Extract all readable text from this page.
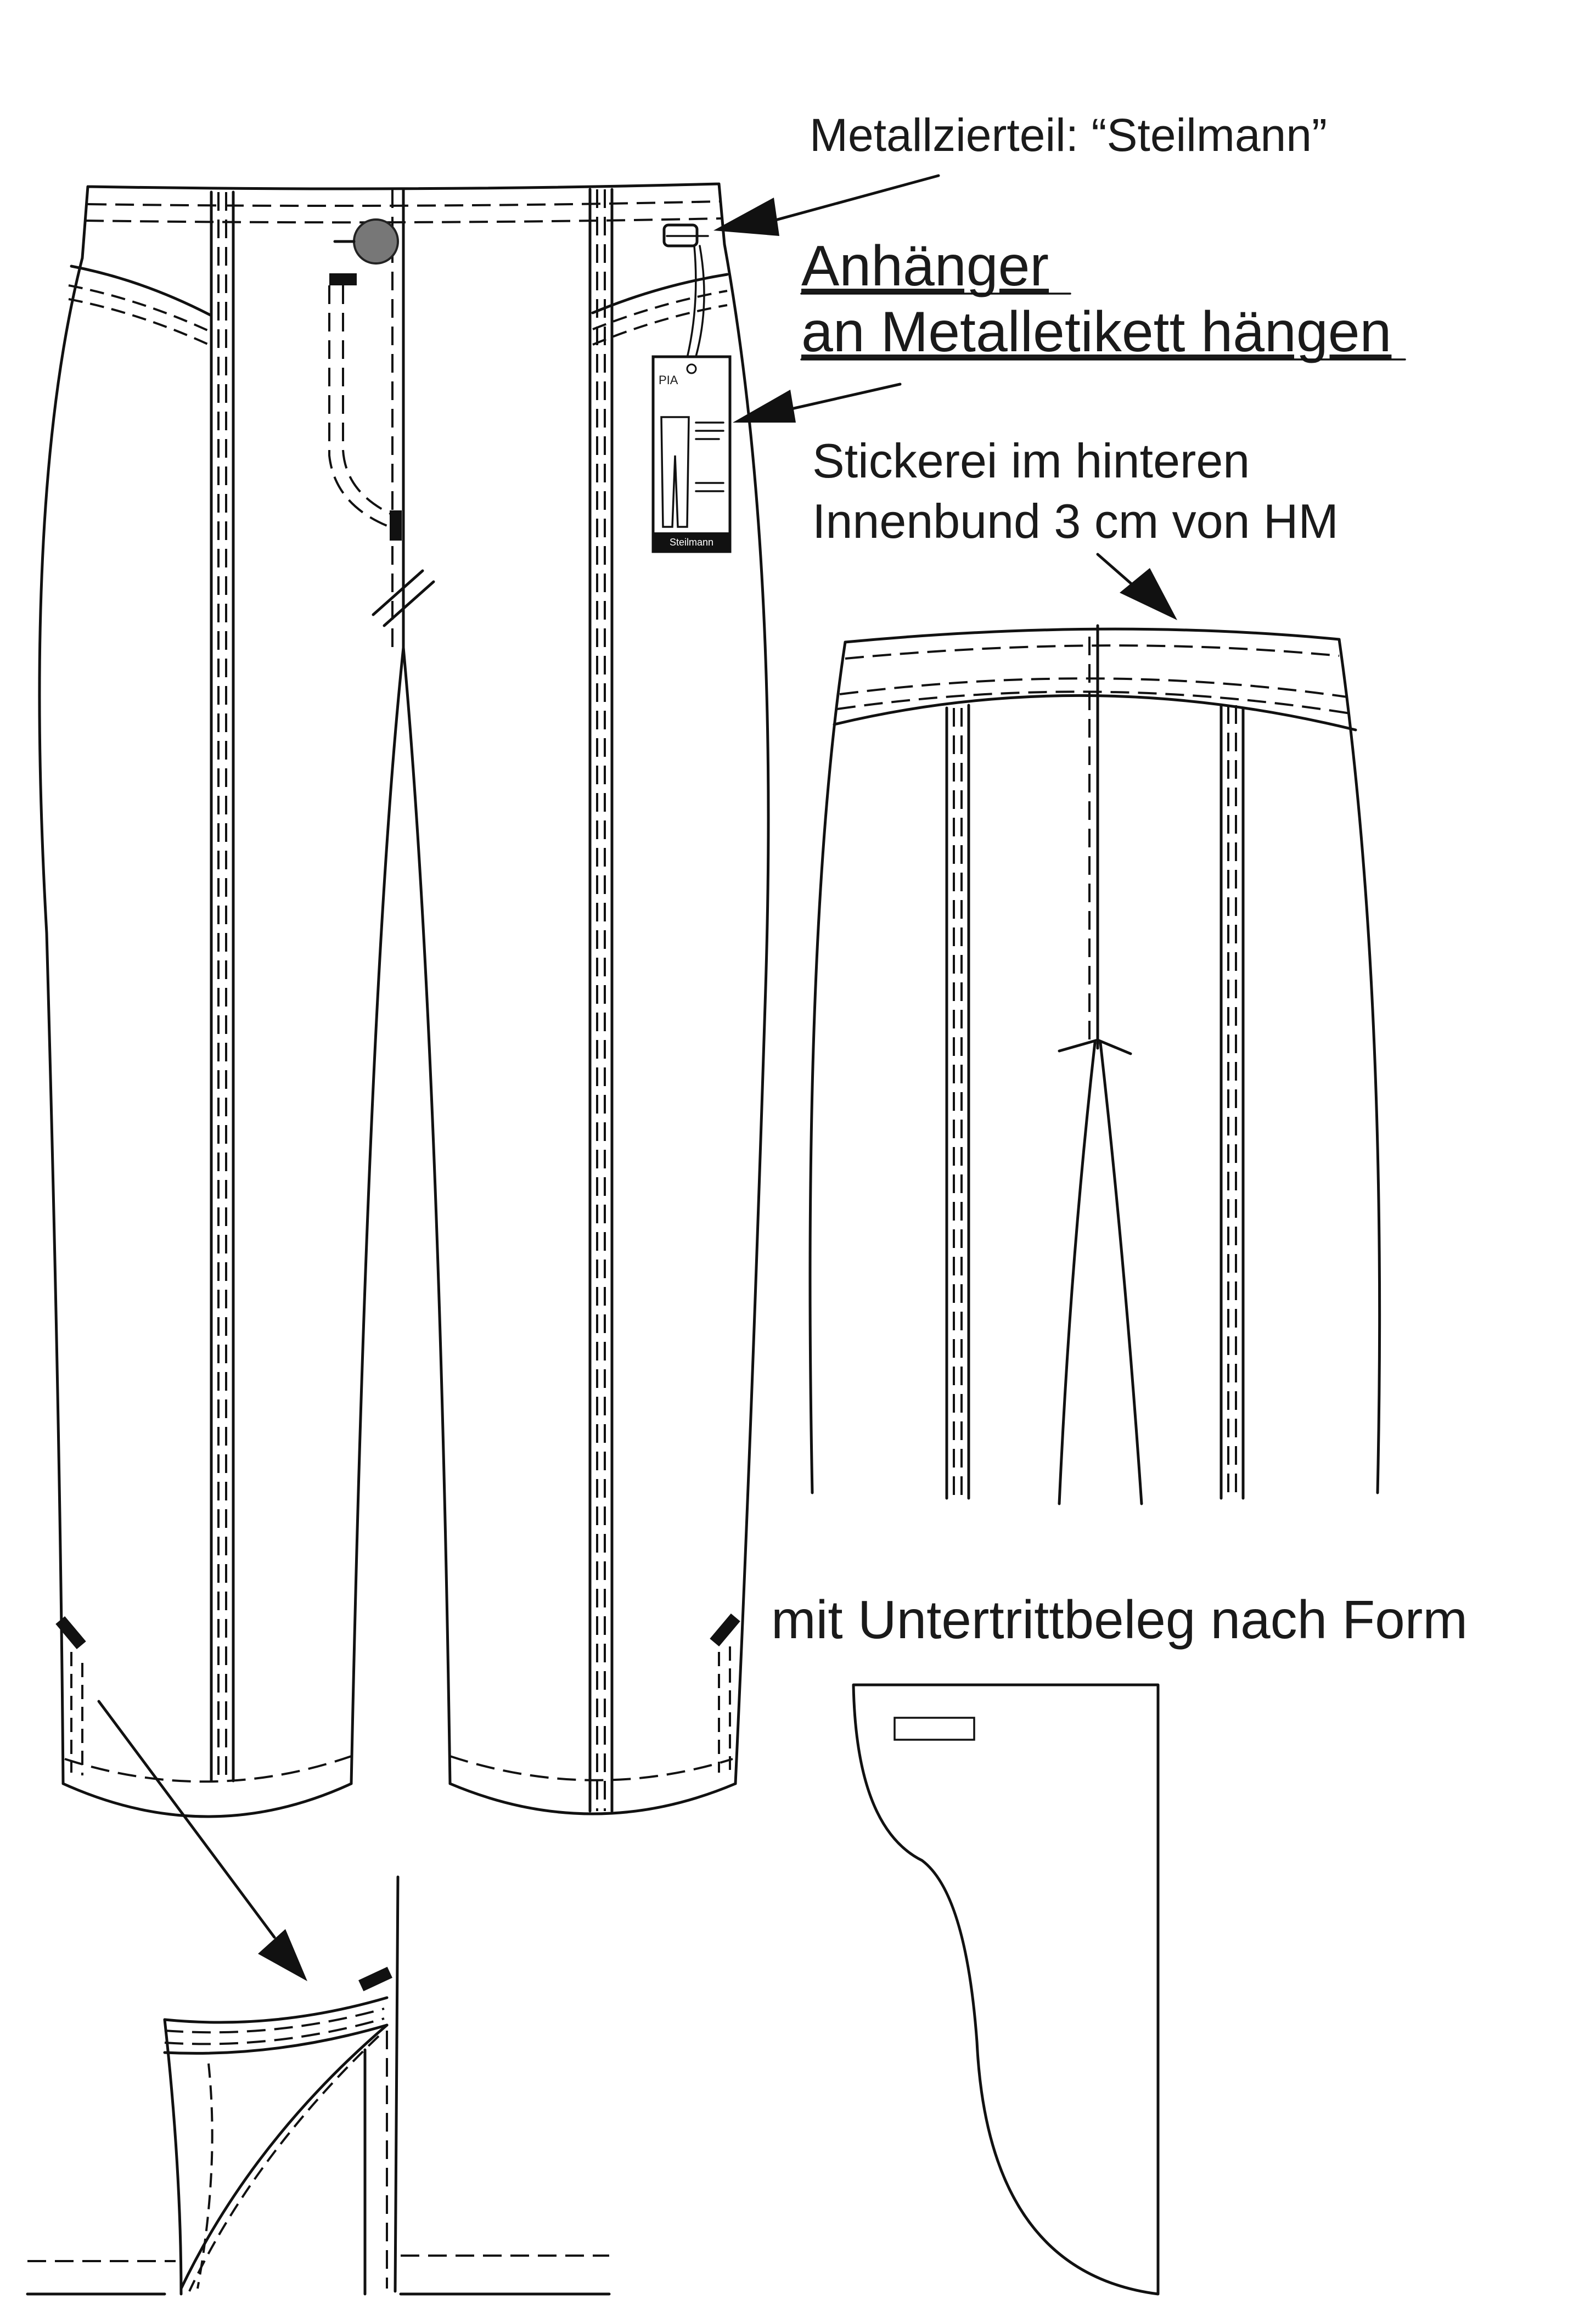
PIA
Steilmann
Metallzierteil: “Steilmann”
Anhänger
an Metalletikett hängen
Stickerei im hinteren
Innenbund 3 cm von HM
mit Untertrittbeleg nach Form
